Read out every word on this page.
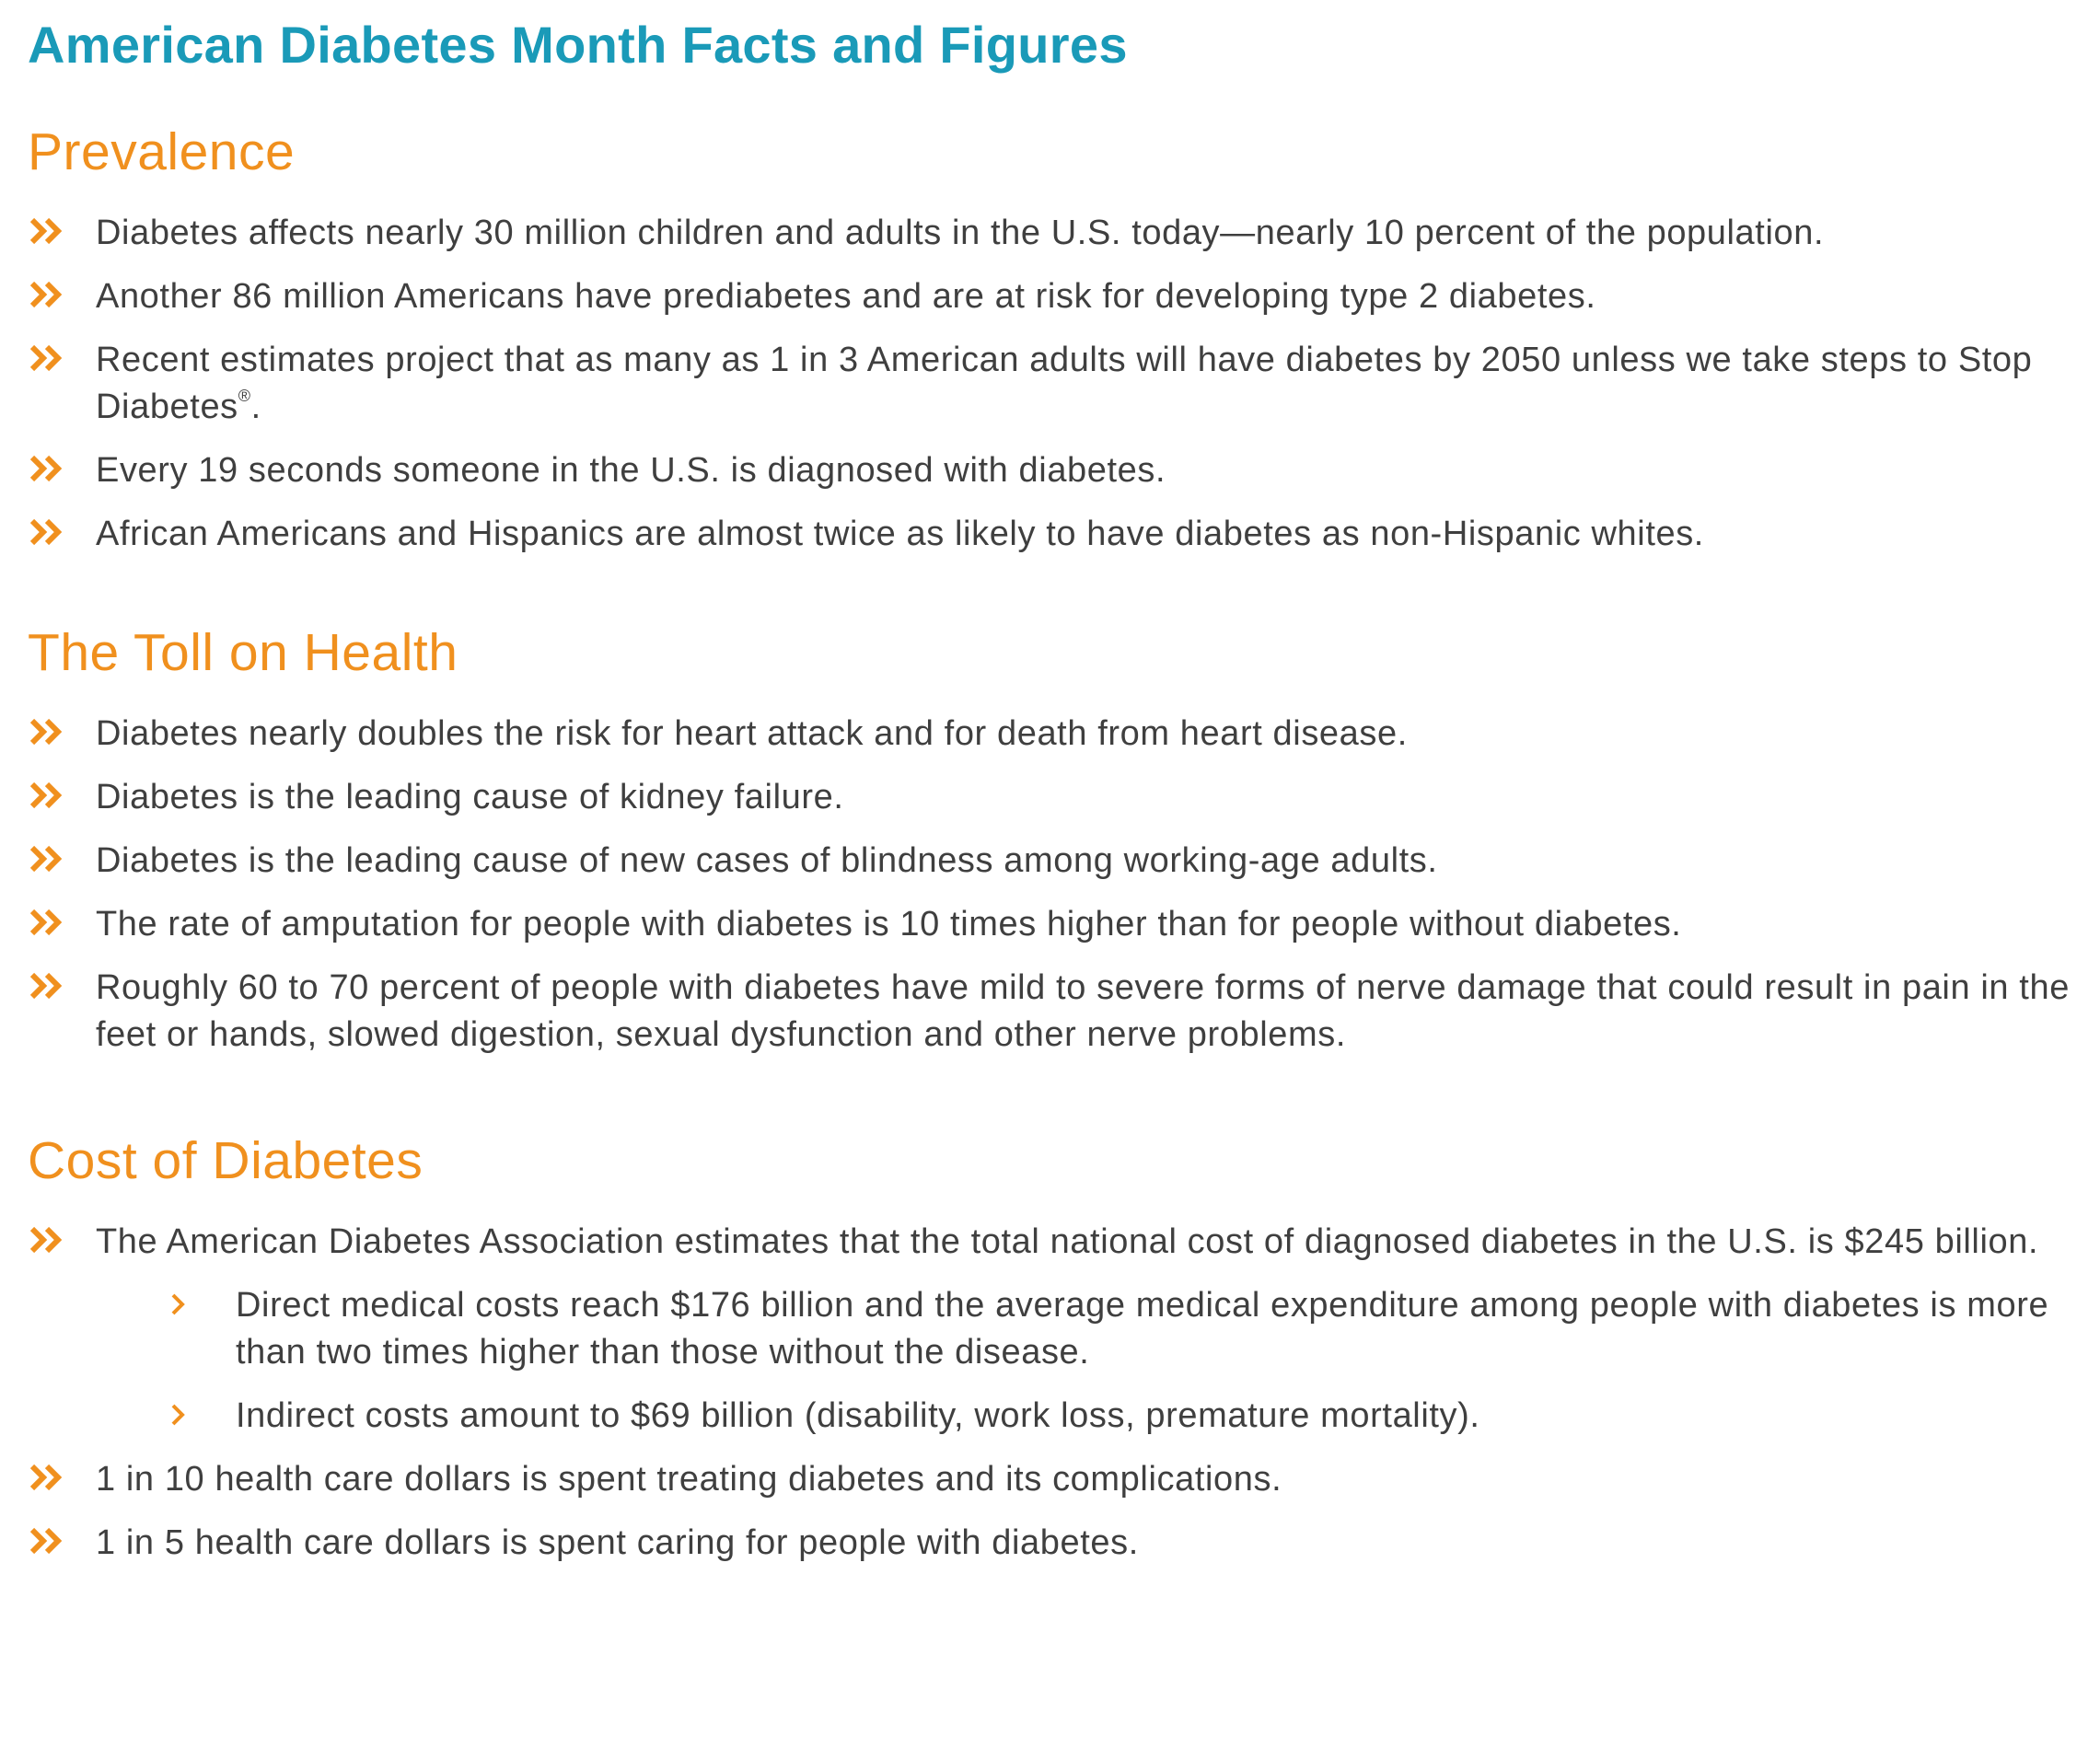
American Diabetes Month Facts and Figures
Prevalence
Diabetes affects nearly 30 million children and adults in the U.S. today—nearly 10 percent of the population.
Another 86 million Americans have prediabetes and are at risk for developing type 2 diabetes.
Recent estimates project that as many as 1 in 3 American adults will have diabetes by 2050 unless we take steps to Stop Diabetes®.
Every 19 seconds someone in the U.S. is diagnosed with diabetes.
African Americans and Hispanics are almost twice as likely to have diabetes as non-Hispanic whites.
The Toll on Health
Diabetes nearly doubles the risk for heart attack and for death from heart disease.
Diabetes is the leading cause of kidney failure.
Diabetes is the leading cause of new cases of blindness among working-age adults.
The rate of amputation for people with diabetes is 10 times higher than for people without diabetes.
Roughly 60 to 70 percent of people with diabetes have mild to severe forms of nerve damage that could result in pain in the feet or hands, slowed digestion, sexual dysfunction and other nerve problems.
Cost of Diabetes
The American Diabetes Association estimates that the total national cost of diagnosed diabetes in the U.S. is $245 billion.
Direct medical costs reach $176 billion and the average medical expenditure among people with diabetes is more than two times higher than those without the disease.
Indirect costs amount to $69 billion (disability, work loss, premature mortality).
1 in 10 health care dollars is spent treating diabetes and its complications.
1 in 5 health care dollars is spent caring for people with diabetes.
